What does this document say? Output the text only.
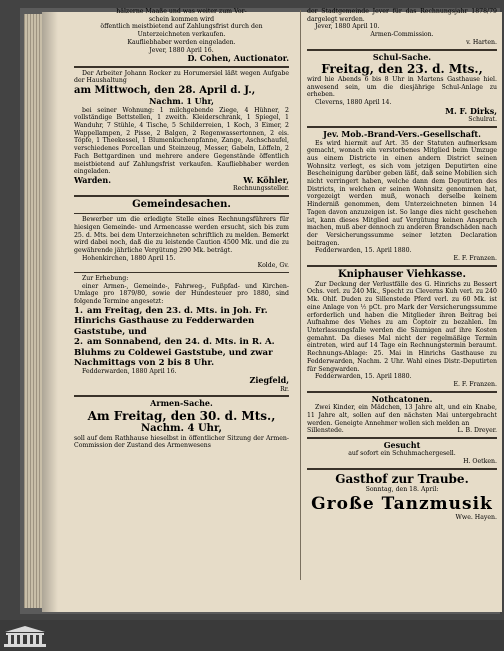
hälzerne Maaße und was weiter zum Vor-
schein kommen wird
öffentlich meistbietend auf Zahlungsfrist durch den
Unterzeichneten verkaufen.
Kaufliebhaber werden eingeladen.
Jever, 1880 April 16.
D. Cohen, Auctionator.
Der Arbeiter Johann Rocker zu Horumersiel läßt wegen Aufgabe der Haushaltung
am Mittwoch, den 28. April d. J.,
Nachm. 1 Uhr,
bei seiner Wohnung: 1 milchgebende Ziege, 4 Hühner, 2 vollständige Bettstellen, 1 zweith. Kleiderschrank, 1 Spiegel, 1 Wanduhr, 7 Stühle, 4 Tische, 5 Schilderreien, 1 Koch, 3 Eimer, 2 Wappellampen, 2 Pisse, 2 Balgen, 2 Regenwassertonnen, 2 eis. Töpfe, 1 Theekessel, 1 Blumenkuchenpfanne, Zange, Aschschaufel, verschiedenes Porcellan und Steinzeug, Messer, Gabeln, Löffeln, 2 Fach Bettgardinen und mehrere andere Gegenstände öffentlich meistbietend auf Zahlungsfrist verkaufen. Kaufliebhaber werden eingeladen.
Warden.	W. Köhler,
Rechnungssteller.
Gemeindesachen.
Bewerber um die erledigte Stelle eines Rechnungsführers für hiesigen Gemeinde- und Armencasse werden ersucht, sich bis zum 25. d. Mts. bei dem Unterzeichneten schriftlich zu melden. Bemerkt wird dabei noch, daß die zu leistende Caution 4500 Mk. und die zu gewährende jährliche Vergütung 290 Mk. beträgt.
Hohenkirchen, 1880 April 15.
Kolde, Gv.
Zur Erhebung:
einer Armen-, Gemeinde-, Fahrweg-, Fußpfad- und Kirchen-Umlage pro 1879/80, sowie der Hundesteuer pro 1880, sind folgende Termine angesetzt:
1. am Freitag, den 23. d. Mts. in Joh. Fr. Hinrichs Gasthause zu Fedderwarden Gaststube, und
2. am Sonnabend, den 24. d. Mts. in R. A. Bluhms zu Coldewei Gaststube, und zwar Nachmittags von 2 bis 8 Uhr.
Fedderwarden, 1880 April 16.
Ziegfeld,
Rr.
Armen-Sache.
Am Freitag, den 30. d. Mts.,
Nachm. 4 Uhr,
soll auf dem Rathhause hieselbst in öffentlicher Sitzung der Armen-Commission der Zustand des Armenwesens
der Stadtgemeinde Jever für das Rechnungsjahr 1878/79 dargelegt werden.
Jever, 1880 April 10.
Armen-Commission.
v. Harten.
Schul-Sache.
Freitag, den 23. d. Mts.,
wird hie Abends 6 bis 8 Uhr in Martens Gasthause hiel. anwesend sein, um die diesjährige Schul-Anlage zu erheben.
Cleverns, 1880 April 14.
M. F. Dirks,
Schulrat.
Jev. Mob.-Brand-Vers.-Gesellschaft.
Es wird hiermit auf Art. 35 der Statuten aufmerksam gemacht, wonach ein verstorbenes Mitglied beim Umzuge aus einem Districte in einen andern District seinen Wohnsitz verlegt, es sich vom jetzigen Deputirten eine Bescheinigung darüber geben läßt, daß seine Mobilien sich nicht verringert haben, welche dann dem Deputirten des Districts, in welchen er seinen Wohnsitz genommen hat, vorgezeigt werden muß, wonach derselbe keinem Hinderniß genommen, dem Unterzeichneten binnen 14 Tagen davon anzuzeigen ist. So lange dies nicht geschehen ist, kann dieses Mitglied auf Vergütung keinen Anspruch machen, muß aber dennoch zu anderen Brandschäden nach der Versicherungssumme seiner letzten Declaration beitragen.
Fedderwarden, 15. April 1880.
E. F. Franzen.
Kniphauser Viehkasse.
Zur Deckung der Verlustfälle des G. Hinrichs zu Bessert Ochs. verl. zu 240 Mk., Specht zu Cleverns Kuh verl. zu 240 Mk. Ohlf. Duden zu Sillenstede Pferd verl. zu 60 Mk. ist eine Anlage von ½ pCt. pro Mark der Versicherungssumme erforderlich und haben die Mitglieder ihren Beitrag bei Aufnahme des Viehes zu am Coptoir zu bezahlen. Im Unterlassungsfalle werden die Säumigen auf ihre Kosten gemahnt. Da dieses Mal nicht der regelmäßige Termin eintreten, wird auf 14 Tage ein Rechnungstermin beraumt. Rechnungs-Ablage: 25. Mai in Hinrichs Gasthause zu Fedderwarden, Nachm. 2 Uhr. Wahl eines Distr.-Deputirten für Sengwarden.
Fedderwarden, 15. April 1880.
E. F. Franzen.
Nothcatonen.
Zwei Kinder, ein Mädchen, 13 Jahre alt, und ein Knabe, 11 Jahre alt, sollen auf den nächsten Mai untergebracht werden. Geneigte Annehmer wollen sich melden an
Sillenstede.	L. B. Dreyer.
Gesucht
auf sofort ein Schuhmachergesell.
H. Oetken.
Gasthof zur Traube.
Sonntag, den 18. April:
Große Tanzmusik
Wwe. Hayen.
